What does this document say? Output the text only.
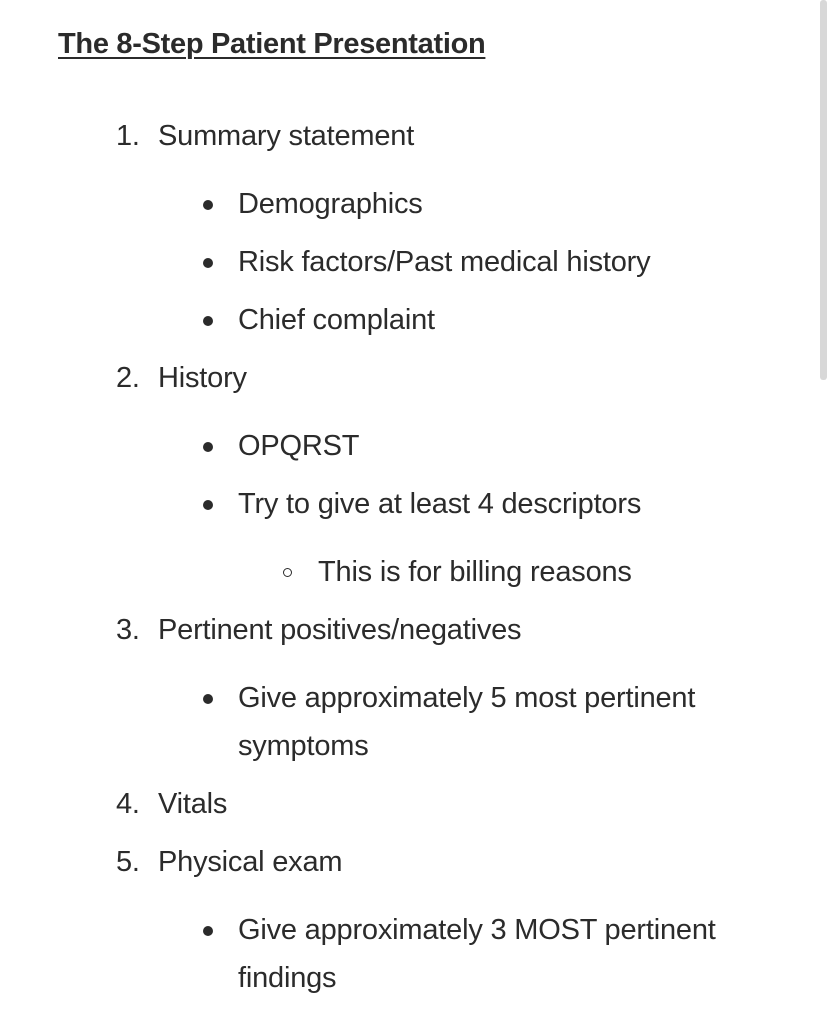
The 8-Step Patient Presentation
1. Summary statement
Demographics
Risk factors/Past medical history
Chief complaint
2. History
OPQRST
Try to give at least 4 descriptors
This is for billing reasons
3. Pertinent positives/negatives
Give approximately 5 most pertinent
symptoms
4. Vitals
5. Physical exam
Give approximately 3 MOST pertinent
findings
